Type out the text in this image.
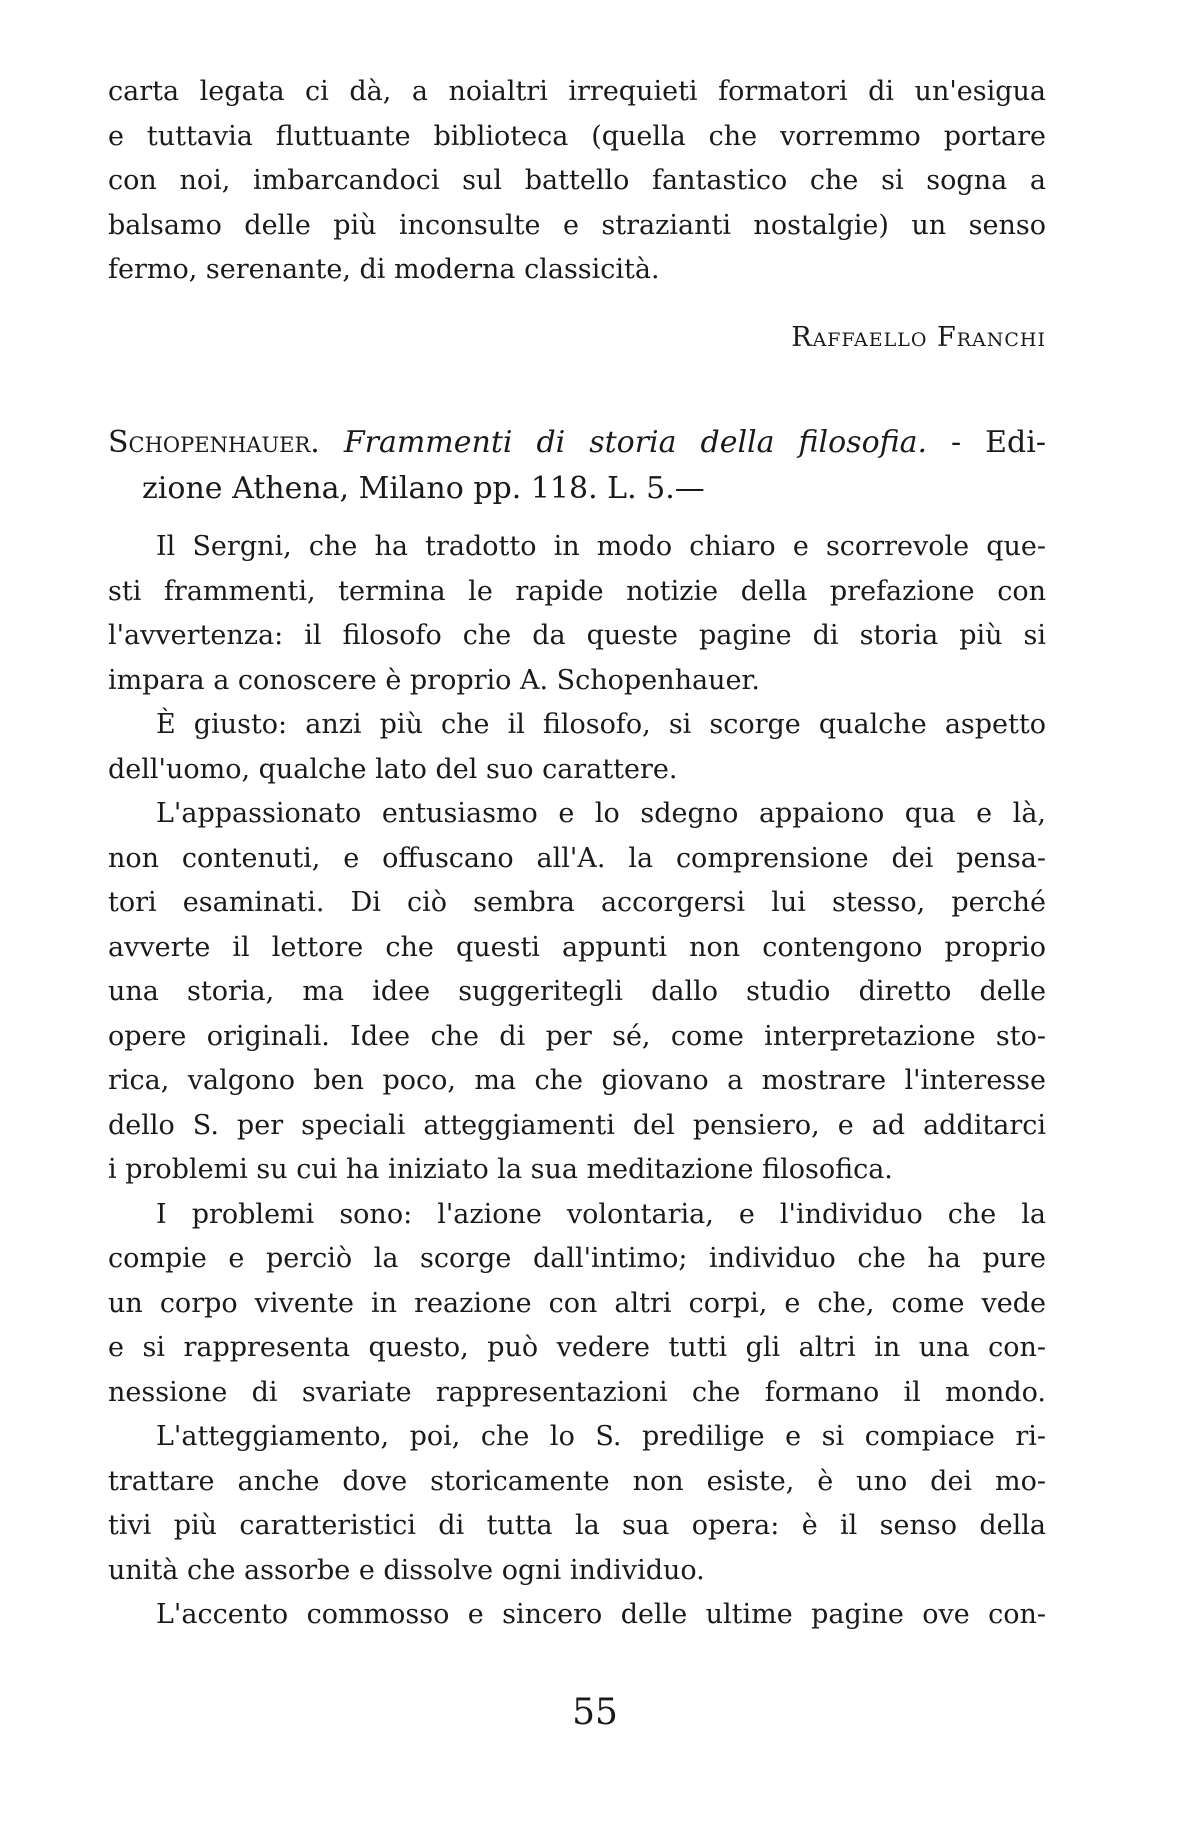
carta legata ci dà, a noialtri irrequieti formatori di un'esigua
e tuttavia fluttuante biblioteca (quella che vorremmo portare
con noi, imbarcandoci sul battello fantastico che si sogna a
balsamo delle più inconsulte e strazianti nostalgie) un senso
fermo, serenante, di moderna classicità.
Raffaello Franchi
Schopenhauer. Frammenti di storia della filosofia. - Edi-
zione Athena, Milano pp. 118. L. 5.—
Il Sergni, che ha tradotto in modo chiaro e scorrevole que-
sti frammenti, termina le rapide notizie della prefazione con
l'avvertenza: il filosofo che da queste pagine di storia più si
impara a conoscere è proprio A. Schopenhauer.
È giusto: anzi più che il filosofo, si scorge qualche aspetto
dell'uomo, qualche lato del suo carattere.
L'appassionato entusiasmo e lo sdegno appaiono qua e là,
non contenuti, e offuscano all'A. la comprensione dei pensa-
tori esaminati. Di ciò sembra accorgersi lui stesso, perché
avverte il lettore che questi appunti non contengono proprio
una storia, ma idee suggeritegli dallo studio diretto delle
opere originali. Idee che di per sé, come interpretazione sto-
rica, valgono ben poco, ma che giovano a mostrare l'interesse
dello S. per speciali atteggiamenti del pensiero, e ad additarci
i problemi su cui ha iniziato la sua meditazione filosofica.
I problemi sono: l'azione volontaria, e l'individuo che la
compie e perciò la scorge dall'intimo; individuo che ha pure
un corpo vivente in reazione con altri corpi, e che, come vede
e si rappresenta questo, può vedere tutti gli altri in una con-
nessione di svariate rappresentazioni che formano il mondo.
L'atteggiamento, poi, che lo S. predilige e si compiace ri-
trattare anche dove storicamente non esiste, è uno dei mo-
tivi più caratteristici di tutta la sua opera: è il senso della
unità che assorbe e dissolve ogni individuo.
L'accento commosso e sincero delle ultime pagine ove con-
55
